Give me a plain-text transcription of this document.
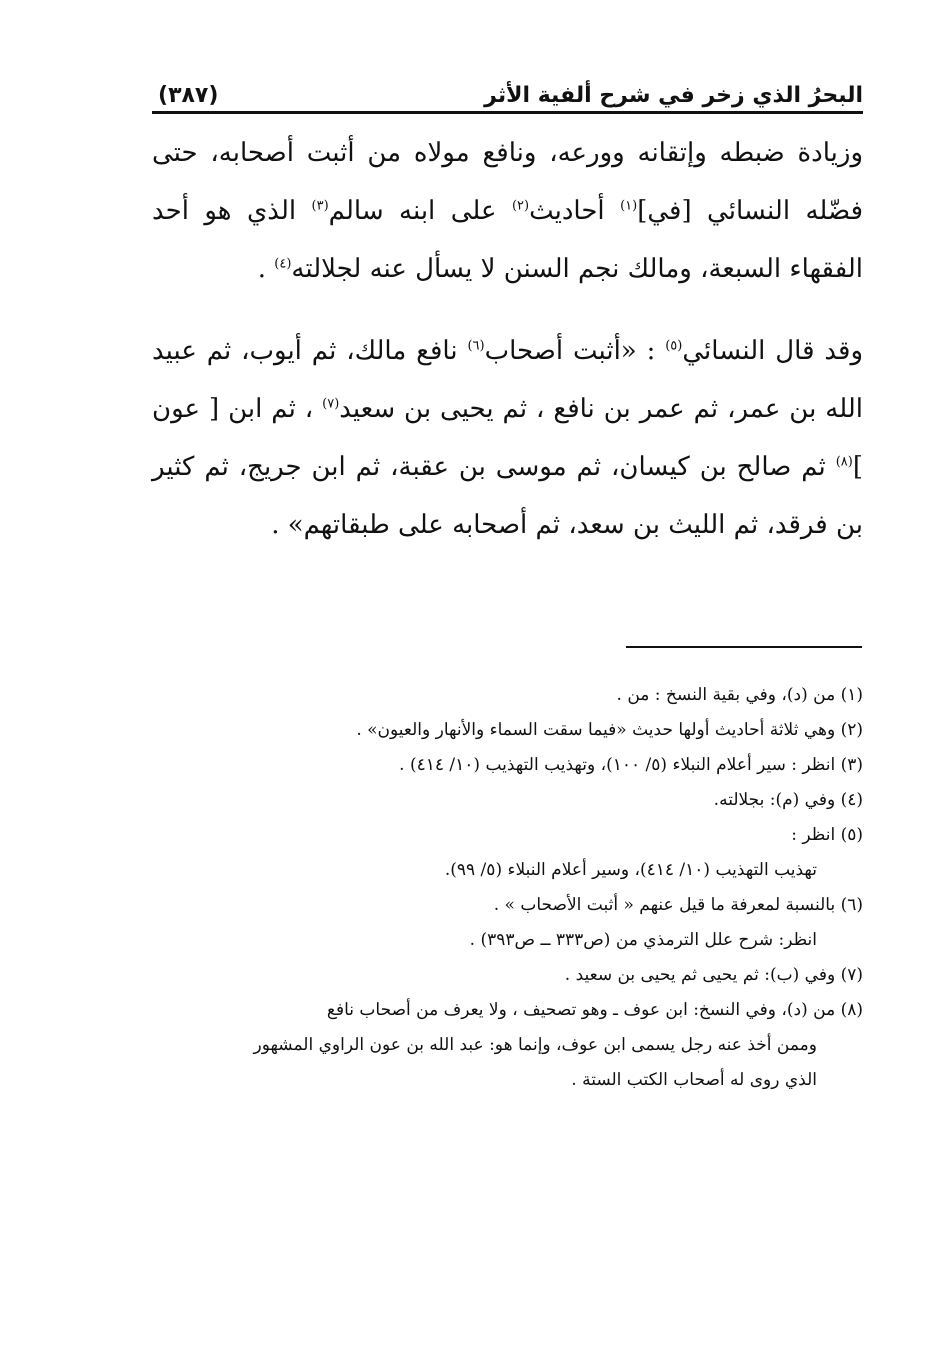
(٣٨٧)	البحرُ الذي زخر في شرح ألفية الأثر

وزيادة ضبطه وإتقانه وورعه، ونافع مولاه من أثبت أصحابه، حتى فضّله النسائي [في]$^{(١)}$ أحاديث$^{(٢)}$ على ابنه سالم$^{(٣)}$ الذي هو أحد الفقهاء السبعة، ومالك نجم السنن لا يسأل عنه لجلالته$^{(٤)}$ .

وقد قال النسائي$^{(٥)}$ : «أثبت أصحاب$^{(٦)}$ نافع مالك، ثم أيوب، ثم عبيد الله بن عمر، ثم عمر بن نافع ، ثم يحيى بن سعيد$^{(٧)}$ ، ثم ابن [ عون ]$^{(٨)}$ ثم صالح بن كيسان، ثم موسى بن عقبة، ثم ابن جريج، ثم كثير بن فرقد، ثم الليث بن سعد، ثم أصحابه على طبقاتهم» .

(١) من (د)، وفي بقية النسخ : من .

(٢) وهي ثلاثة أحاديث أولها حديث «فيما سقت السماء والأنهار والعيون» .

(٣) انظر : سير أعلام النبلاء (٥/ ١٠٠)، وتهذيب التهذيب (١٠/ ٤١٤) .

(٤) وفي (م): بجلالته.

(٥) انظر :

تهذيب التهذيب (١٠/ ٤١٤)، وسير أعلام النبلاء (٥/ ٩٩).

(٦) بالنسبة لمعرفة ما قيل عنهم « أثبت الأصحاب » .

انظر: شرح علل الترمذي من (ص٣٣٣ ــ ص٣٩٣) .

(٧) وفي (ب): ثم يحيى ثم يحيى بن سعيد .

(٨) من (د)، وفي النسخ: ابن عوف ـ وهو تصحيف ، ولا يعرف من أصحاب نافع

وممن أخذ عنه رجل يسمى ابن عوف، وإنما هو: عبد الله بن عون الراوي المشهور

الذي روى له أصحاب الكتب الستة .
